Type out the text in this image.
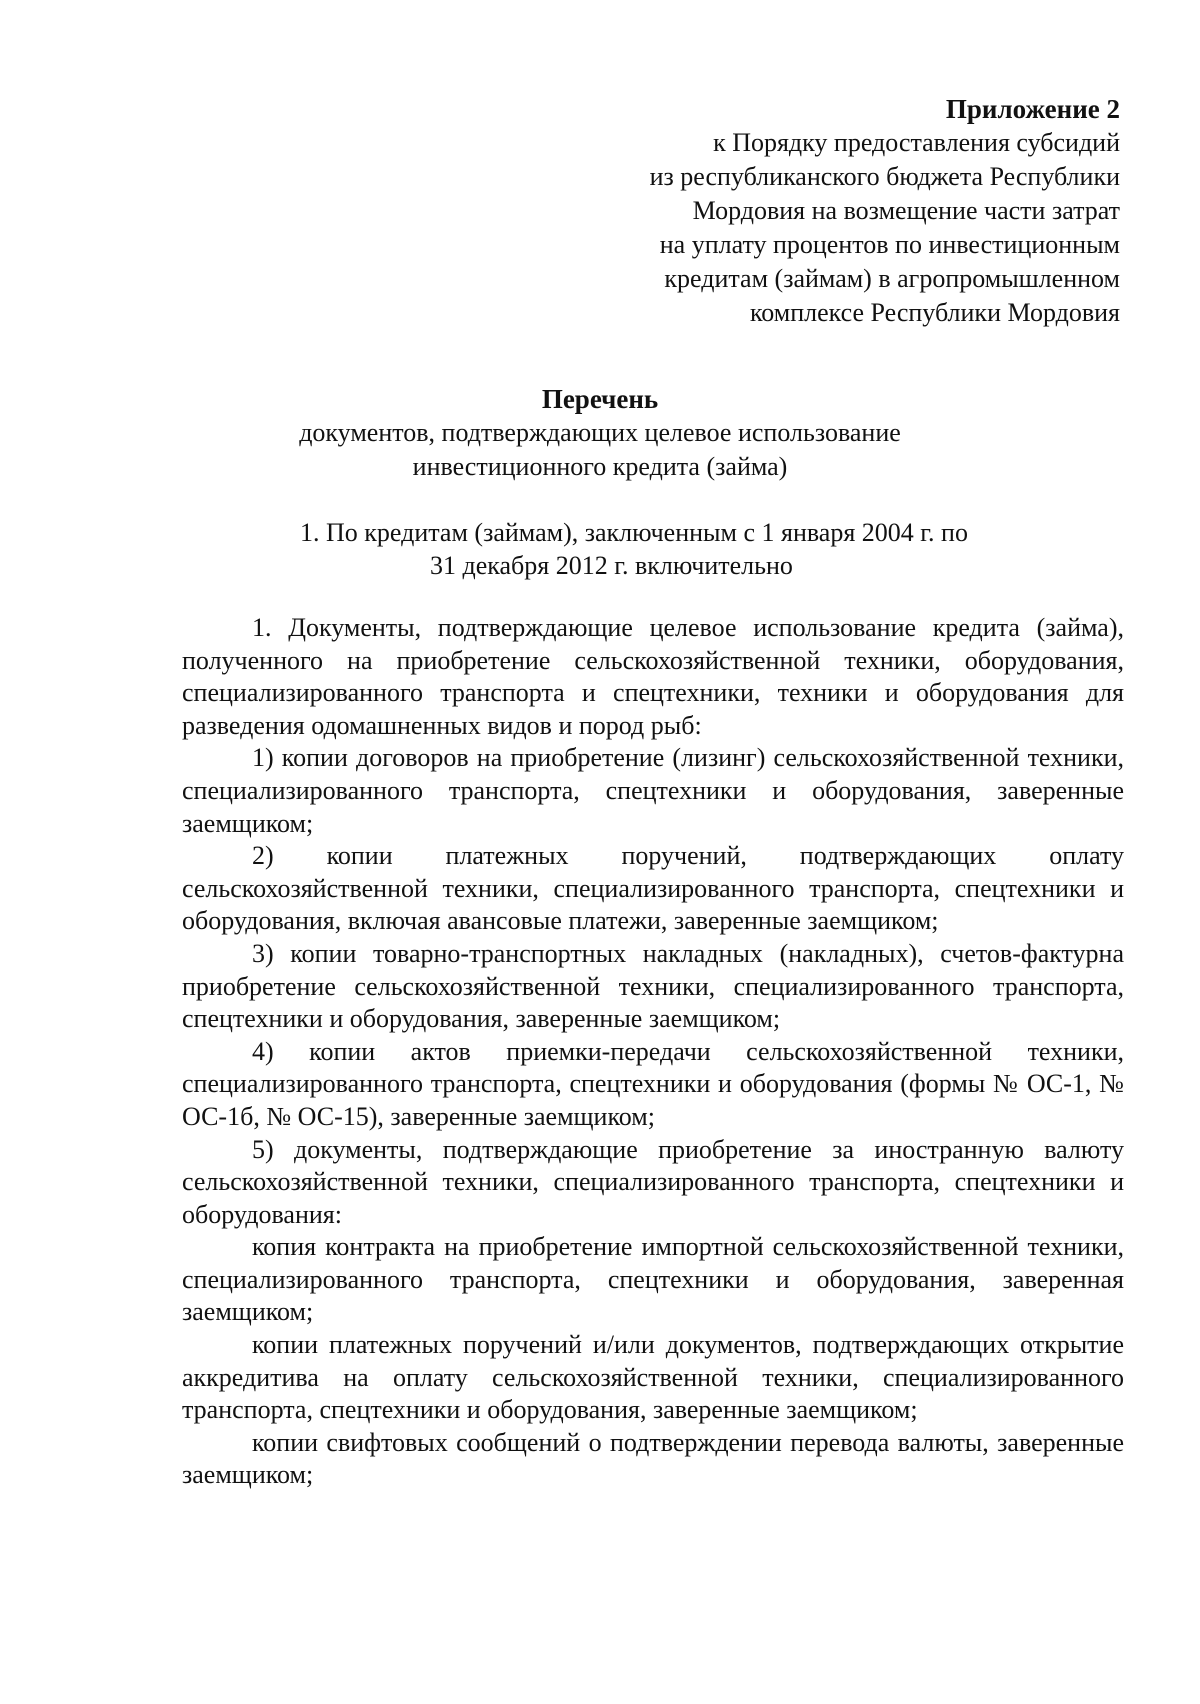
Приложение 2
к Порядку предоставления субсидий
из республиканского бюджета Республики
Мордовия на возмещение части затрат
на уплату процентов по инвестиционным
кредитам (займам) в агропромышленном
комплексе Республики Мордовия
Перечень
документов, подтверждающих целевое использование
инвестиционного кредита (займа)
1. По кредитам (займам), заключенным с 1 января 2004 г. по
31 декабря 2012 г. включительно

1. Документы, подтверждающие целевое использование кредита (займа), полученного на приобретение сельскохозяйственной техники, оборудования, специализированного транспорта и спецтехники, техники и оборудования для разведения одомашненных видов и пород рыб:

1) копии договоров на приобретение (лизинг) сельскохозяйственной техники, специализированного транспорта, спецтехники и оборудования, заверенные заемщиком;

2) копии платежных поручений, подтверждающих оплату сельскохозяйственной техники, специализированного транспорта, спецтехники и оборудования, включая авансовые платежи, заверенные заемщиком;

3) копии товарно-транспортных накладных (накладных), счетов-фактурна приобретение сельскохозяйственной техники, специализированного транспорта, спецтехники и оборудования, заверенные заемщиком;

4) копии актов приемки-передачи сельскохозяйственной техники, специализированного транспорта, спецтехники и оборудования (формы № ОС-1, № ОС-1б, № ОС-15), заверенные заемщиком;

5) документы, подтверждающие приобретение за иностранную валюту сельскохозяйственной техники, специализированного транспорта, спецтехники и оборудования:

копия контракта на приобретение импортной сельскохозяйственной техники, специализированного транспорта, спецтехники и оборудования, заверенная заемщиком;

копии платежных поручений и/или документов, подтверждающих открытие аккредитива на оплату сельскохозяйственной техники, специализированного транспорта, спецтехники и оборудования, заверенные заемщиком;

копии свифтовых сообщений о подтверждении перевода валюты, заверенные заемщиком;
